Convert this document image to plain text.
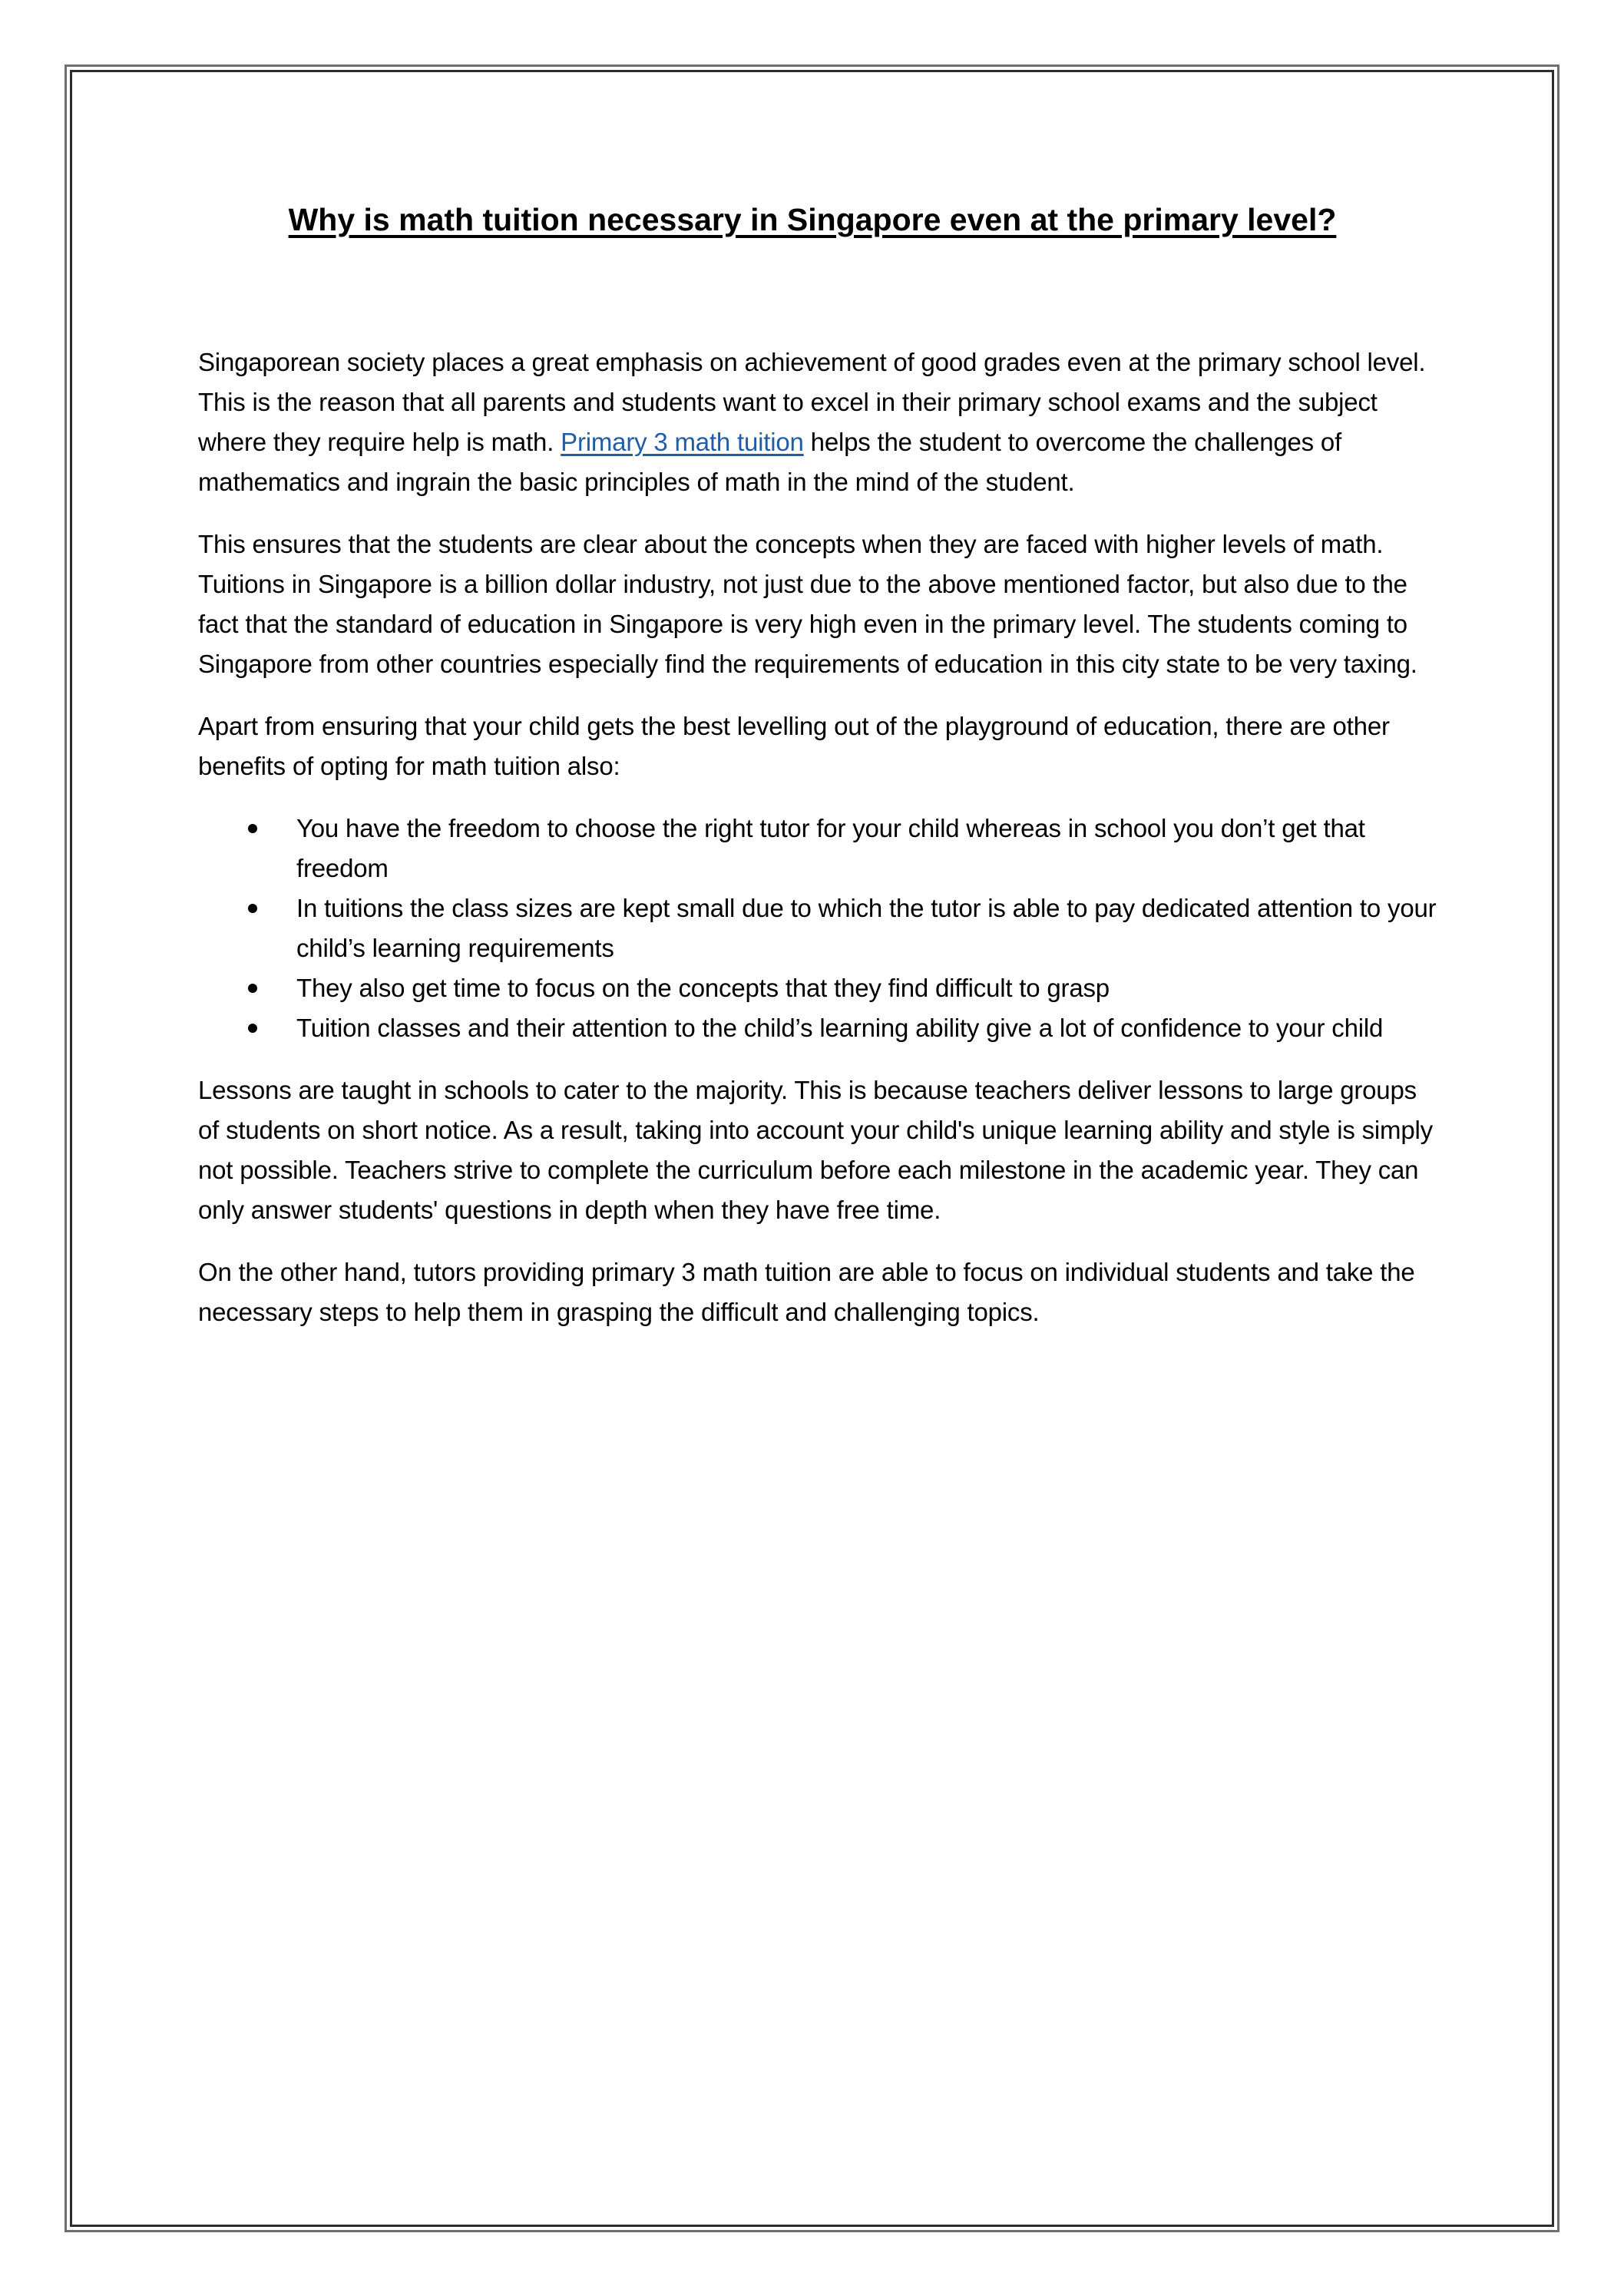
Why is math tuition necessary in Singapore even at the primary level?

Singaporean society places a great emphasis on achievement of good grades even at the primary school level. This is the reason that all parents and students want to excel in their primary school exams and the subject where they require help is math. Primary 3 math tuition helps the student to overcome the challenges of mathematics and ingrain the basic principles of math in the mind of the student.

This ensures that the students are clear about the concepts when they are faced with higher levels of math. Tuitions in Singapore is a billion dollar industry, not just due to the above mentioned factor, but also due to the fact that the standard of education in Singapore is very high even in the primary level. The students coming to Singapore from other countries especially find the requirements of education in this city state to be very taxing.

Apart from ensuring that your child gets the best levelling out of the playground of education, there are other benefits of opting for math tuition also:

You have the freedom to choose the right tutor for your child whereas in school you don’t get that freedom
In tuitions the class sizes are kept small due to which the tutor is able to pay dedicated attention to your child’s learning requirements
They also get time to focus on the concepts that they find difficult to grasp
Tuition classes and their attention to the child’s learning ability give a lot of confidence to your child

Lessons are taught in schools to cater to the majority. This is because teachers deliver lessons to large groups of students on short notice. As a result, taking into account your child's unique learning ability and style is simply not possible. Teachers strive to complete the curriculum before each milestone in the academic year. They can only answer students' questions in depth when they have free time.

On the other hand, tutors providing primary 3 math tuition are able to focus on individual students and take the necessary steps to help them in grasping the difficult and challenging topics.
